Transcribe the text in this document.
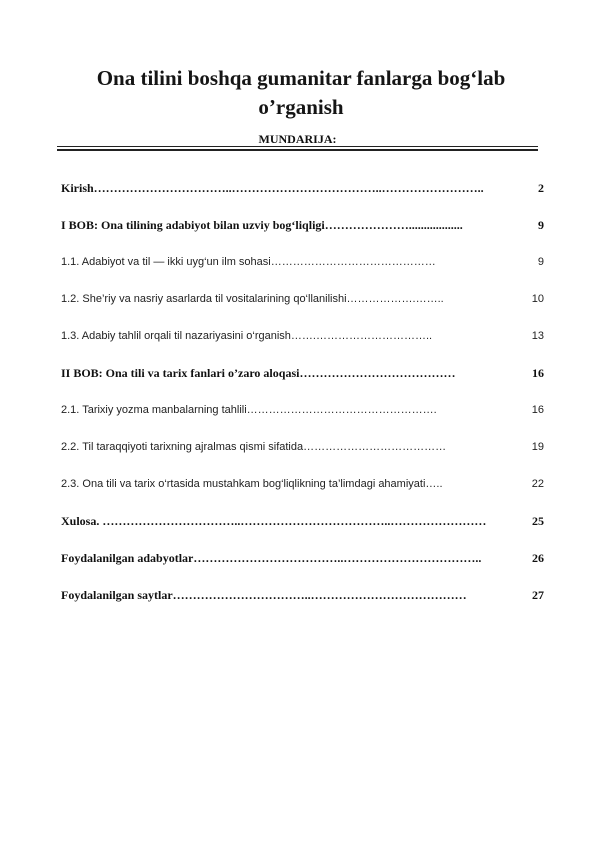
Ona tilini boshqa gumanitar fanlarga bog‘lab o’rganish
MUNDARIJA:
Kirish……………………………..………………………………..……………………..	2
I BOB: Ona tilining adabiyot bilan uzviy bog‘liqligi…………………..................	9
1.1. Adabiyot va til — ikki uyg‘un ilm sohasi………………………………………	9
1.2. She’riy va nasriy asarlarda til vositalarining qo‘llanilishi……………….……..	10
1.3. Adabiy tahlil orqali til nazariyasini o‘rganish…….…………………………..	13
II BOB: Ona tili va tarix fanlari o’zaro aloqasi…………………………………	16
2.1. Tarixiy yozma manbalarning tahlili…………………………………………….	16
2.2. Til taraqqiyoti tarixning ajralmas qismi sifatida…………………………………	19
2.3. Ona tili va tarix o‘rtasida mustahkam bog‘liqlikning ta’limdagi ahamiyati…..	22
Xulosa. ……………………………..………………………………..……………………	25
Foydalanilgan adabyotlar………………………………..……………………………..	26
Foydalanilgan saytlar……………………………..…………………………………	27
